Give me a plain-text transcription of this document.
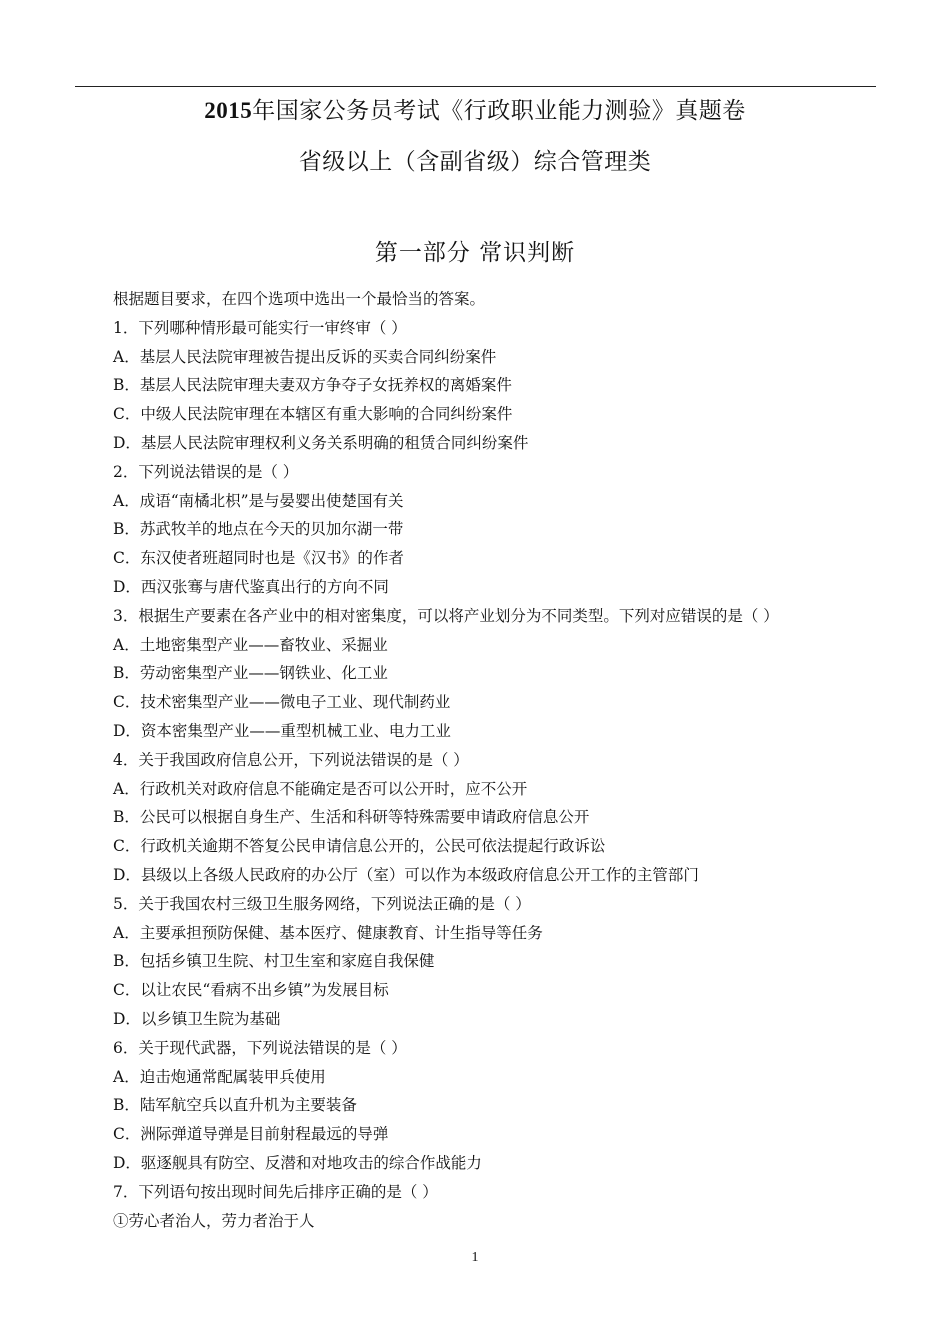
2015年国家公务员考试《行政职业能力测验》真题卷
省级以上（含副省级）综合管理类
第一部分 常识判断
根据题目要求，在四个选项中选出一个最恰当的答案。
1．下列哪种情形最可能实行一审终审（ ）
A．基层人民法院审理被告提出反诉的买卖合同纠纷案件
B．基层人民法院审理夫妻双方争夺子女抚养权的离婚案件
C．中级人民法院审理在本辖区有重大影响的合同纠纷案件
D．基层人民法院审理权利义务关系明确的租赁合同纠纷案件
2．下列说法错误的是（ ）
A．成语“南橘北枳”是与晏婴出使楚国有关
B．苏武牧羊的地点在今天的贝加尔湖一带
C．东汉使者班超同时也是《汉书》的作者
D．西汉张骞与唐代鉴真出行的方向不同
3．根据生产要素在各产业中的相对密集度，可以将产业划分为不同类型。下列对应错误的是（ ）
A．土地密集型产业——畜牧业、采掘业
B．劳动密集型产业——钢铁业、化工业
C．技术密集型产业——微电子工业、现代制药业
D．资本密集型产业——重型机械工业、电力工业
4．关于我国政府信息公开，下列说法错误的是（ ）
A．行政机关对政府信息不能确定是否可以公开时，应不公开
B．公民可以根据自身生产、生活和科研等特殊需要申请政府信息公开
C．行政机关逾期不答复公民申请信息公开的，公民可依法提起行政诉讼
D．县级以上各级人民政府的办公厅（室）可以作为本级政府信息公开工作的主管部门
5．关于我国农村三级卫生服务网络，下列说法正确的是（ ）
A．主要承担预防保健、基本医疗、健康教育、计生指导等任务
B．包括乡镇卫生院、村卫生室和家庭自我保健
C．以让农民“看病不出乡镇”为发展目标
D．以乡镇卫生院为基础
6．关于现代武器，下列说法错误的是（ ）
A．迫击炮通常配属装甲兵使用
B．陆军航空兵以直升机为主要装备
C．洲际弹道导弹是目前射程最远的导弹
D．驱逐舰具有防空、反潜和对地攻击的综合作战能力
7．下列语句按出现时间先后排序正确的是（ ）
①劳心者治人，劳力者治于人
1
